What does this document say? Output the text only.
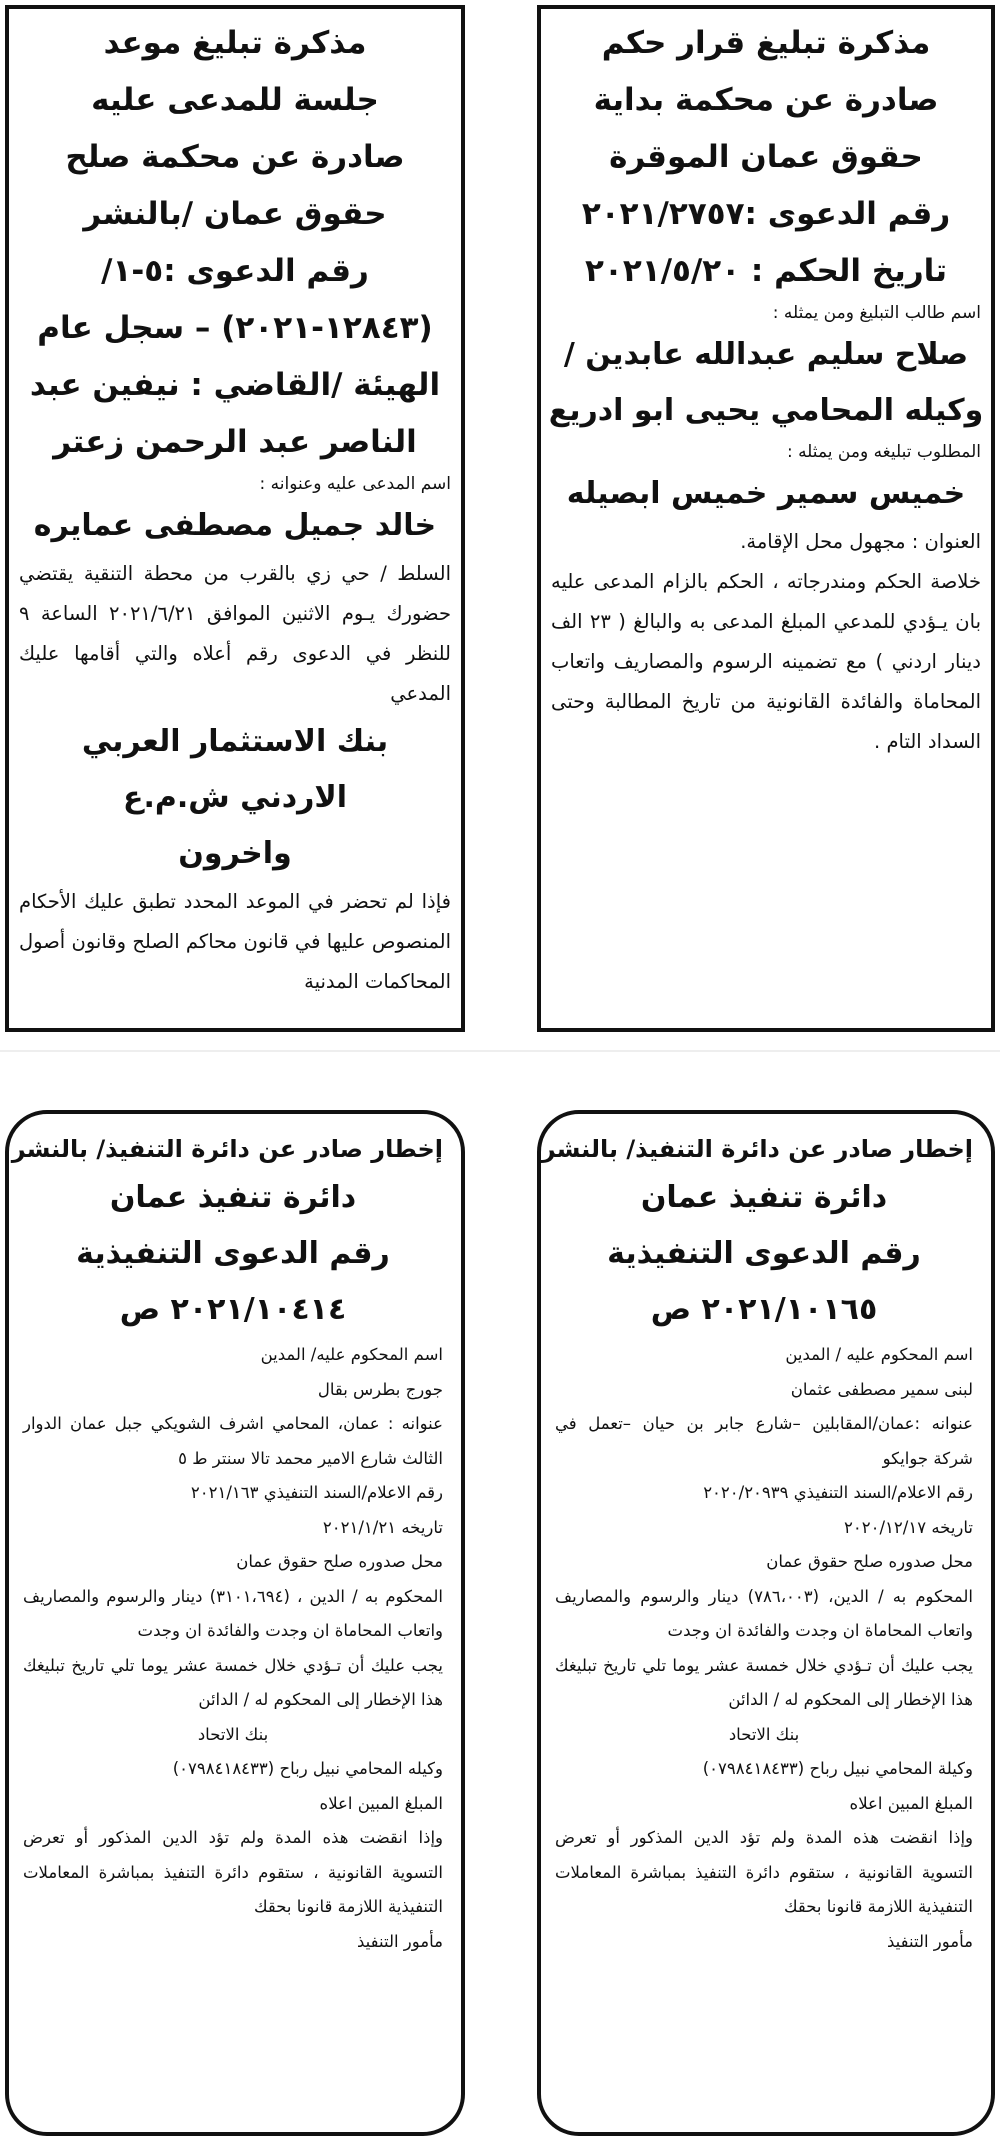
مذكرة تبليغ قرار حكم

صادرة عن محكمة بداية

حقوق عمان الموقرة

رقم الدعوى :٢٠٢١/٢٧٥٧

تاريخ الحكم : ٢٠٢١/٥/٢٠

اسم طالب التبليغ ومن يمثله :

صلاح سليم عبدالله عابدين /

وكيله المحامي يحيى ابو ادريع

المطلوب تبليغه ومن يمثله :

خميس سمير خميس ابصيله

العنوان : مجهول محل الإقامة.

خلاصة الحكم ومندرجاته ، الحكم بالزام المدعى عليه بان يـؤدي للمدعي المبلغ المدعى به والبالغ ( ٢٣ الف دينار اردني ) مع تضمينه الرسوم والمصاريف واتعاب المحاماة والفائدة القانونية من تاريخ المطالبة وحتى السداد التام .

مذكرة تبليغ موعد

جلسة للمدعى عليه

صادرة عن محكمة صلح

حقوق عمان /بالنشر

رقم الدعوى :٥-١/

(١٢٨٤٣-٢٠٢١) – سجل عام

الهيئة /القاضي : نيفين عبد

الناصر عبد الرحمن زعتر

اسم المدعى عليه وعنوانه :

خالد جميل مصطفى عمايره

السلط / حي زي بالقرب من محطة التنقية يقتضي حضورك يـوم الاثنين الموافق ٢٠٢١/٦/٢١ الساعة ٩ للنظر في الدعوى رقم أعلاه والتي أقامها عليك المدعي

بنك الاستثمار العربي

الاردني ش.م.ع

واخرون

فإذا لم تحضر في الموعد المحدد تطبق عليك الأحكام المنصوص عليها في قانون محاكم الصلح وقانون أصول المحاكمات المدنية

إخطار صادر عن دائرة التنفيذ/ بالنشر

دائرة تنفيذ عمان

رقم الدعوى التنفيذية

٢٠٢١/١٠١٦٥ ص

اسم المحكوم عليه / المدين

لبنى سمير مصطفى عثمان

عنوانه :عمان/المقابلين –شارع جابر بن حيان –تعمل في شركة جوايكو

رقم الاعلام/السند التنفيذي ٢٠٢٠/٢٠٩٣٩

تاريخه ٢٠٢٠/١٢/١٧

محل صدوره صلح حقوق عمان

المحكوم به / الدين، (٧٨٦،٠٠٣) دينار والرسوم والمصاريف واتعاب المحاماة ان وجدت والفائدة ان وجدت

يجب عليك أن تـؤدي خلال خمسة عشر يوما تلي تاريخ تبليغك هذا الإخطار إلى المحكوم له / الدائن

بنك الاتحاد

وكيلة المحامي نبيل رباح (٠٧٩٨٤١٨٤٣٣)

المبلغ المبين اعلاه

وإذا انقضت هذه المدة ولم تؤد الدين المذكور أو تعرض التسوية القانونية ، ستقوم دائرة التنفيذ بمباشرة المعاملات التنفيذية اللازمة قانونا بحقك

مأمور التنفيذ

إخطار صادر عن دائرة التنفيذ/ بالنشر

دائرة تنفيذ عمان

رقم الدعوى التنفيذية

٢٠٢١/١٠٤١٤ ص

اسم المحكوم عليه/ المدين

جورج بطرس بقال

عنوانه : عمان، المحامي اشرف الشويكي جبل عمان الدوار الثالث شارع الامير محمد تالا سنتر ط ٥

رقم الاعلام/السند التنفيذي ٢٠٢١/١٦٣

تاريخه ٢٠٢١/١/٢١

محل صدوره صلح حقوق عمان

المحكوم به / الدين ، (٣١٠١،٦٩٤) دينار والرسوم والمصاريف واتعاب المحاماة ان وجدت والفائدة ان وجدت

يجب عليك أن تـؤدي خلال خمسة عشر يوما تلي تاريخ تبليغك هذا الإخطار إلى المحكوم له / الدائن

بنك الاتحاد

وكيله المحامي نبيل رباح (٠٧٩٨٤١٨٤٣٣)

المبلغ المبين اعلاه

وإذا انقضت هذه المدة ولم تؤد الدين المذكور أو تعرض التسوية القانونية ، ستقوم دائرة التنفيذ بمباشرة المعاملات التنفيذية اللازمة قانونا بحقك

مأمور التنفيذ
